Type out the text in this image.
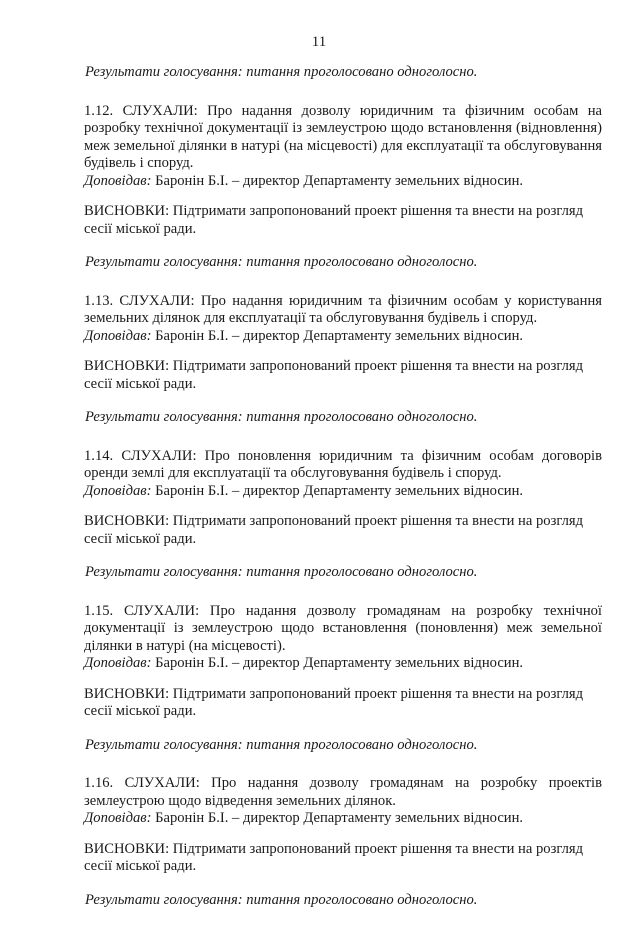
11

Результати голосування: питання проголосовано одноголосно.

1.12. СЛУХАЛИ: Про надання дозволу юридичним та фізичним особам на розробку технічної документації із землеустрою щодо встановлення (відновлення) меж земельної ділянки в натурі (на місцевості) для експлуатації та обслуговування будівель і споруд.

Доповідав: Баронін Б.І. – директор Департаменту земельних відносин.

ВИСНОВКИ: Підтримати запропонований проект рішення та внести на розгляд сесії міської ради.

Результати голосування: питання проголосовано одноголосно.

1.13. СЛУХАЛИ: Про надання юридичним та фізичним особам у користування земельних ділянок для експлуатації та обслуговування будівель і споруд.

Доповідав: Баронін Б.І. – директор Департаменту земельних відносин.

ВИСНОВКИ: Підтримати запропонований проект рішення та внести на розгляд сесії міської ради.

Результати голосування: питання проголосовано одноголосно.

1.14. СЛУХАЛИ: Про поновлення юридичним та фізичним особам договорів оренди землі для експлуатації та обслуговування будівель і споруд.

Доповідав: Баронін Б.І. – директор Департаменту земельних відносин.

ВИСНОВКИ: Підтримати запропонований проект рішення та внести на розгляд сесії міської ради.

Результати голосування: питання проголосовано одноголосно.

1.15. СЛУХАЛИ: Про надання дозволу громадянам на розробку технічної документації із землеустрою щодо встановлення (поновлення) меж земельної ділянки в натурі (на місцевості).

Доповідав: Баронін Б.І. – директор Департаменту земельних відносин.

ВИСНОВКИ: Підтримати запропонований проект рішення та внести на розгляд сесії міської ради.

Результати голосування: питання проголосовано одноголосно.

1.16. СЛУХАЛИ: Про надання дозволу громадянам на розробку проектів землеустрою щодо відведення земельних ділянок.

Доповідав: Баронін Б.І. – директор Департаменту земельних відносин.

ВИСНОВКИ: Підтримати запропонований проект рішення та внести на розгляд сесії міської ради.

Результати голосування: питання проголосовано одноголосно.
